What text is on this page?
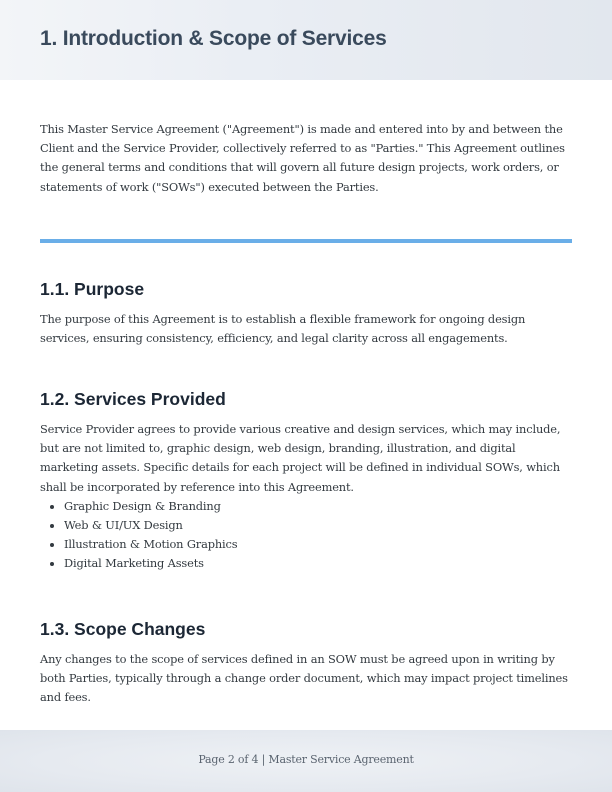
1. Introduction & Scope of Services

This Master Service Agreement ("Agreement") is made and entered into by and between the Client and the Service Provider, collectively referred to as "Parties." This Agreement outlines the general terms and conditions that will govern all future design projects, work orders, or statements of work ("SOWs") executed between the Parties.

1.1. Purpose

The purpose of this Agreement is to establish a flexible framework for ongoing design services, ensuring consistency, efficiency, and legal clarity across all engagements.

1.2. Services Provided

Service Provider agrees to provide various creative and design services, which may include, but are not limited to, graphic design, web design, branding, illustration, and digital marketing assets. Specific details for each project will be defined in individual SOWs, which shall be incorporated by reference into this Agreement.

• Graphic Design & Branding
• Web & UI/UX Design
• Illustration & Motion Graphics
• Digital Marketing Assets
1.3. Scope Changes

Any changes to the scope of services defined in an SOW must be agreed upon in writing by both Parties, typically through a change order document, which may impact project timelines and fees.

Page 2 of 4 | Master Service Agreement
